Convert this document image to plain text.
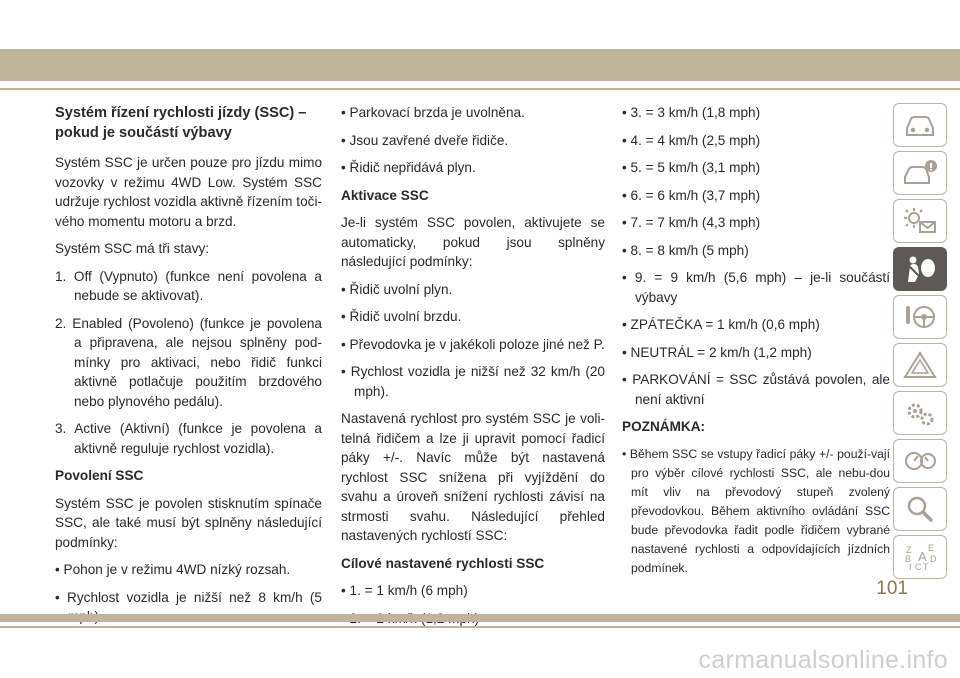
Systém řízení rychlosti jízdy (SSC) – pokud je součástí výbavy

Systém SSC je určen pouze pro jízdu mimo vozovky v režimu 4WD Low. Systém SSC udržuje rychlost vozidla aktivně řízením toči-vého momentu motoru a brzd.

Systém SSC má tři stavy:

1. Off (Vypnuto) (funkce není povolena a nebude se aktivovat).

2. Enabled (Povoleno) (funkce je povolena a připravena, ale nejsou splněny pod-mínky pro aktivaci, nebo řidič funkci aktivně potlačuje použitím brzdového nebo plynového pedálu).

3. Active (Aktivní) (funkce je povolena a aktivně reguluje rychlost vozidla).

Povolení SSC

Systém SSC je povolen stisknutím spínače SSC, ale také musí být splněny následující podmínky:

• Pohon je v režimu 4WD nízký rozsah.

• Rychlost vozidla je nižší než 8 km/h (5

• Parkovací brzda je uvolněna.

• Jsou zavřené dveře řidiče.

• Řidič nepřidává plyn.

Aktivace SSC

Je-li systém SSC povolen, aktivujete se automaticky, pokud jsou splněny následující podmínky:

• Řidič uvolní plyn.

• Řidič uvolní brzdu.

• Převodovka je v jakékoli poloze jiné než P.

• Rychlost vozidla je nižší než 32 km/h (20 mph).

Nastavená rychlost pro systém SSC je voli-telná řidičem a lze ji upravit pomocí řadicí páky +/-. Navíc může být nastavená rychlost SSC snížena při vyjíždění do svahu a úroveň snížení rychlosti závisí na strmosti svahu. Následující přehled nastavených rychlostí SSC:

Cílové nastavené rychlosti SSC

• 1. = 1 km/h (6 mph)

• 3. = 3 km/h (1,8 mph)

• 4. = 4 km/h (2,5 mph)

• 5. = 5 km/h (3,1 mph)

• 6. = 6 km/h (3,7 mph)

• 7. = 7 km/h (4,3 mph)

• 8. = 8 km/h (5 mph)

• 9. = 9 km/h (5,6 mph) – je-li součástí výbavy

• ZPÁTEČKA = 1 km/h (0,6 mph)

• NEUTRÁL = 2 km/h (1,2 mph)

• PARKOVÁNÍ = SSC zůstává povolen, ale není aktivní

POZNÁMKA:

• Během SSC se vstupy řadicí páky +/- použí-vají pro výběr cílové rychlosti SSC, ale nebu-dou mít vliv na převodový stupeň zvolený převodovkou. Během aktivního ovládání SSC bude převodovka řadit podle řidičem vybrané nastavené rychlosti a odpovídajících jízdních podmínek.

Z E
B A D
I C T
101
carmanualsonline.info
